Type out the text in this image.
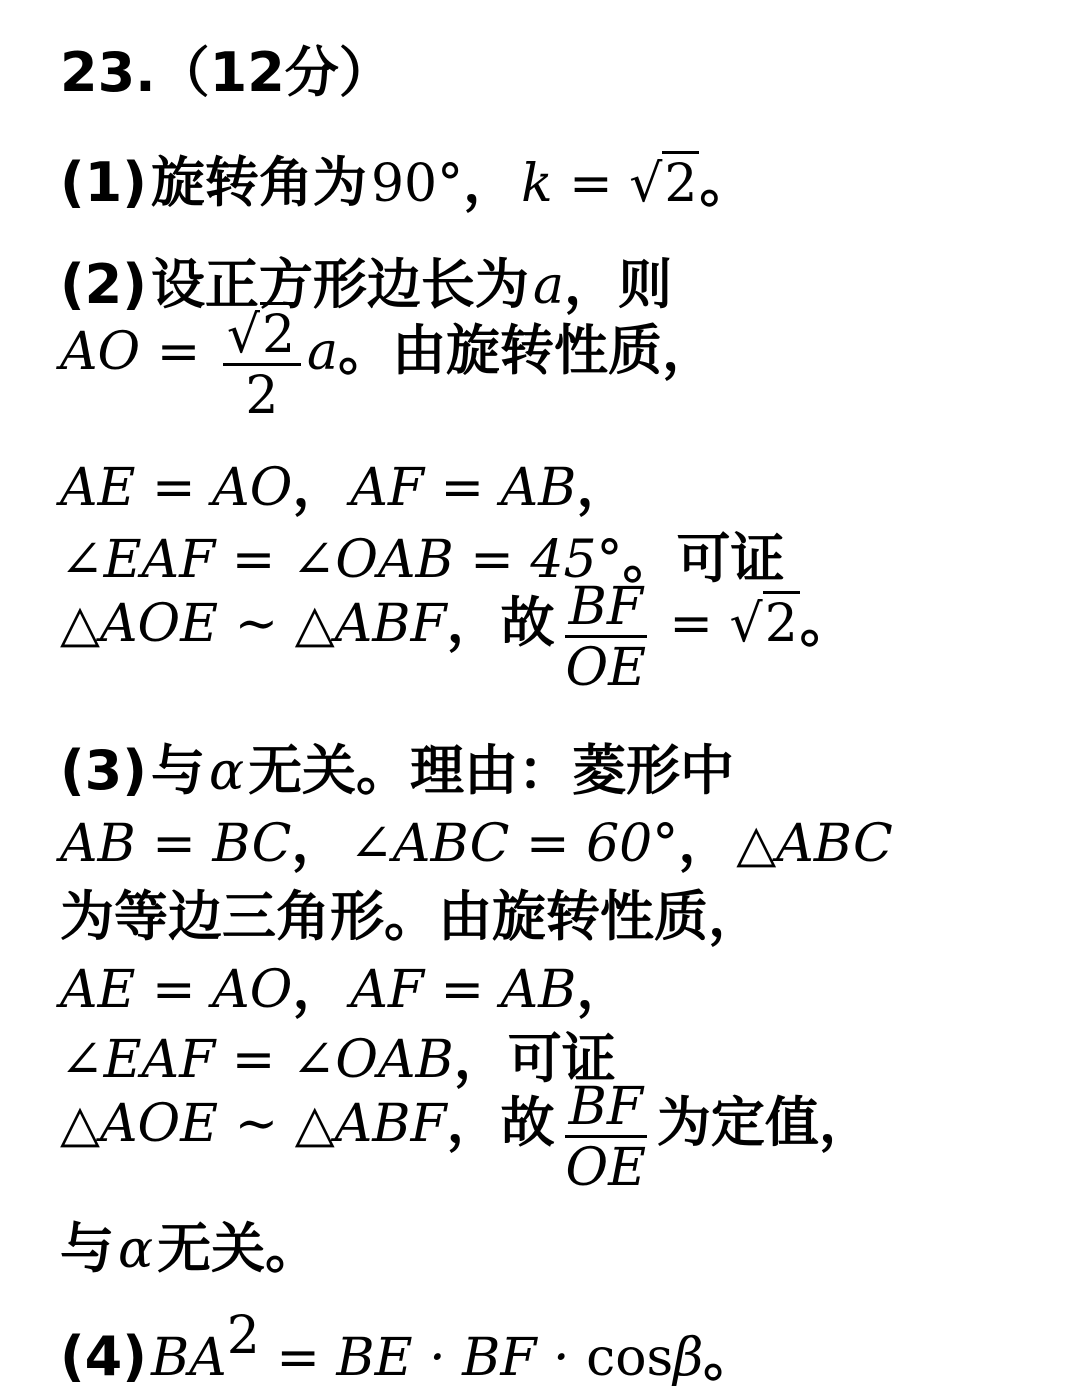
23.（12分）
(1) 旋转角为 90°， k = √2。
(2) 设正方形边长为 a，则
AO = $\frac{√2}{2}$ a。由旋转性质，
AE = AO， AF = AB，
∠EAF = ∠OAB = 45°。可证
△AOE ∼ △ABF，故 $\frac{BF}{OE} = √2$。
(3) 与 α 无关。理由：菱形中
AB = BC， ∠ABC = 60°， △ABC
为等边三角形。由旋转性质，
AE = AO， AF = AB，
∠EAF = ∠OAB，可证
△AOE ∼ △ABF，故 $\frac{BF}{OE}$ 为定值，
与 α 无关。
(4) $BA^2$ = BE · BF · cosβ。
